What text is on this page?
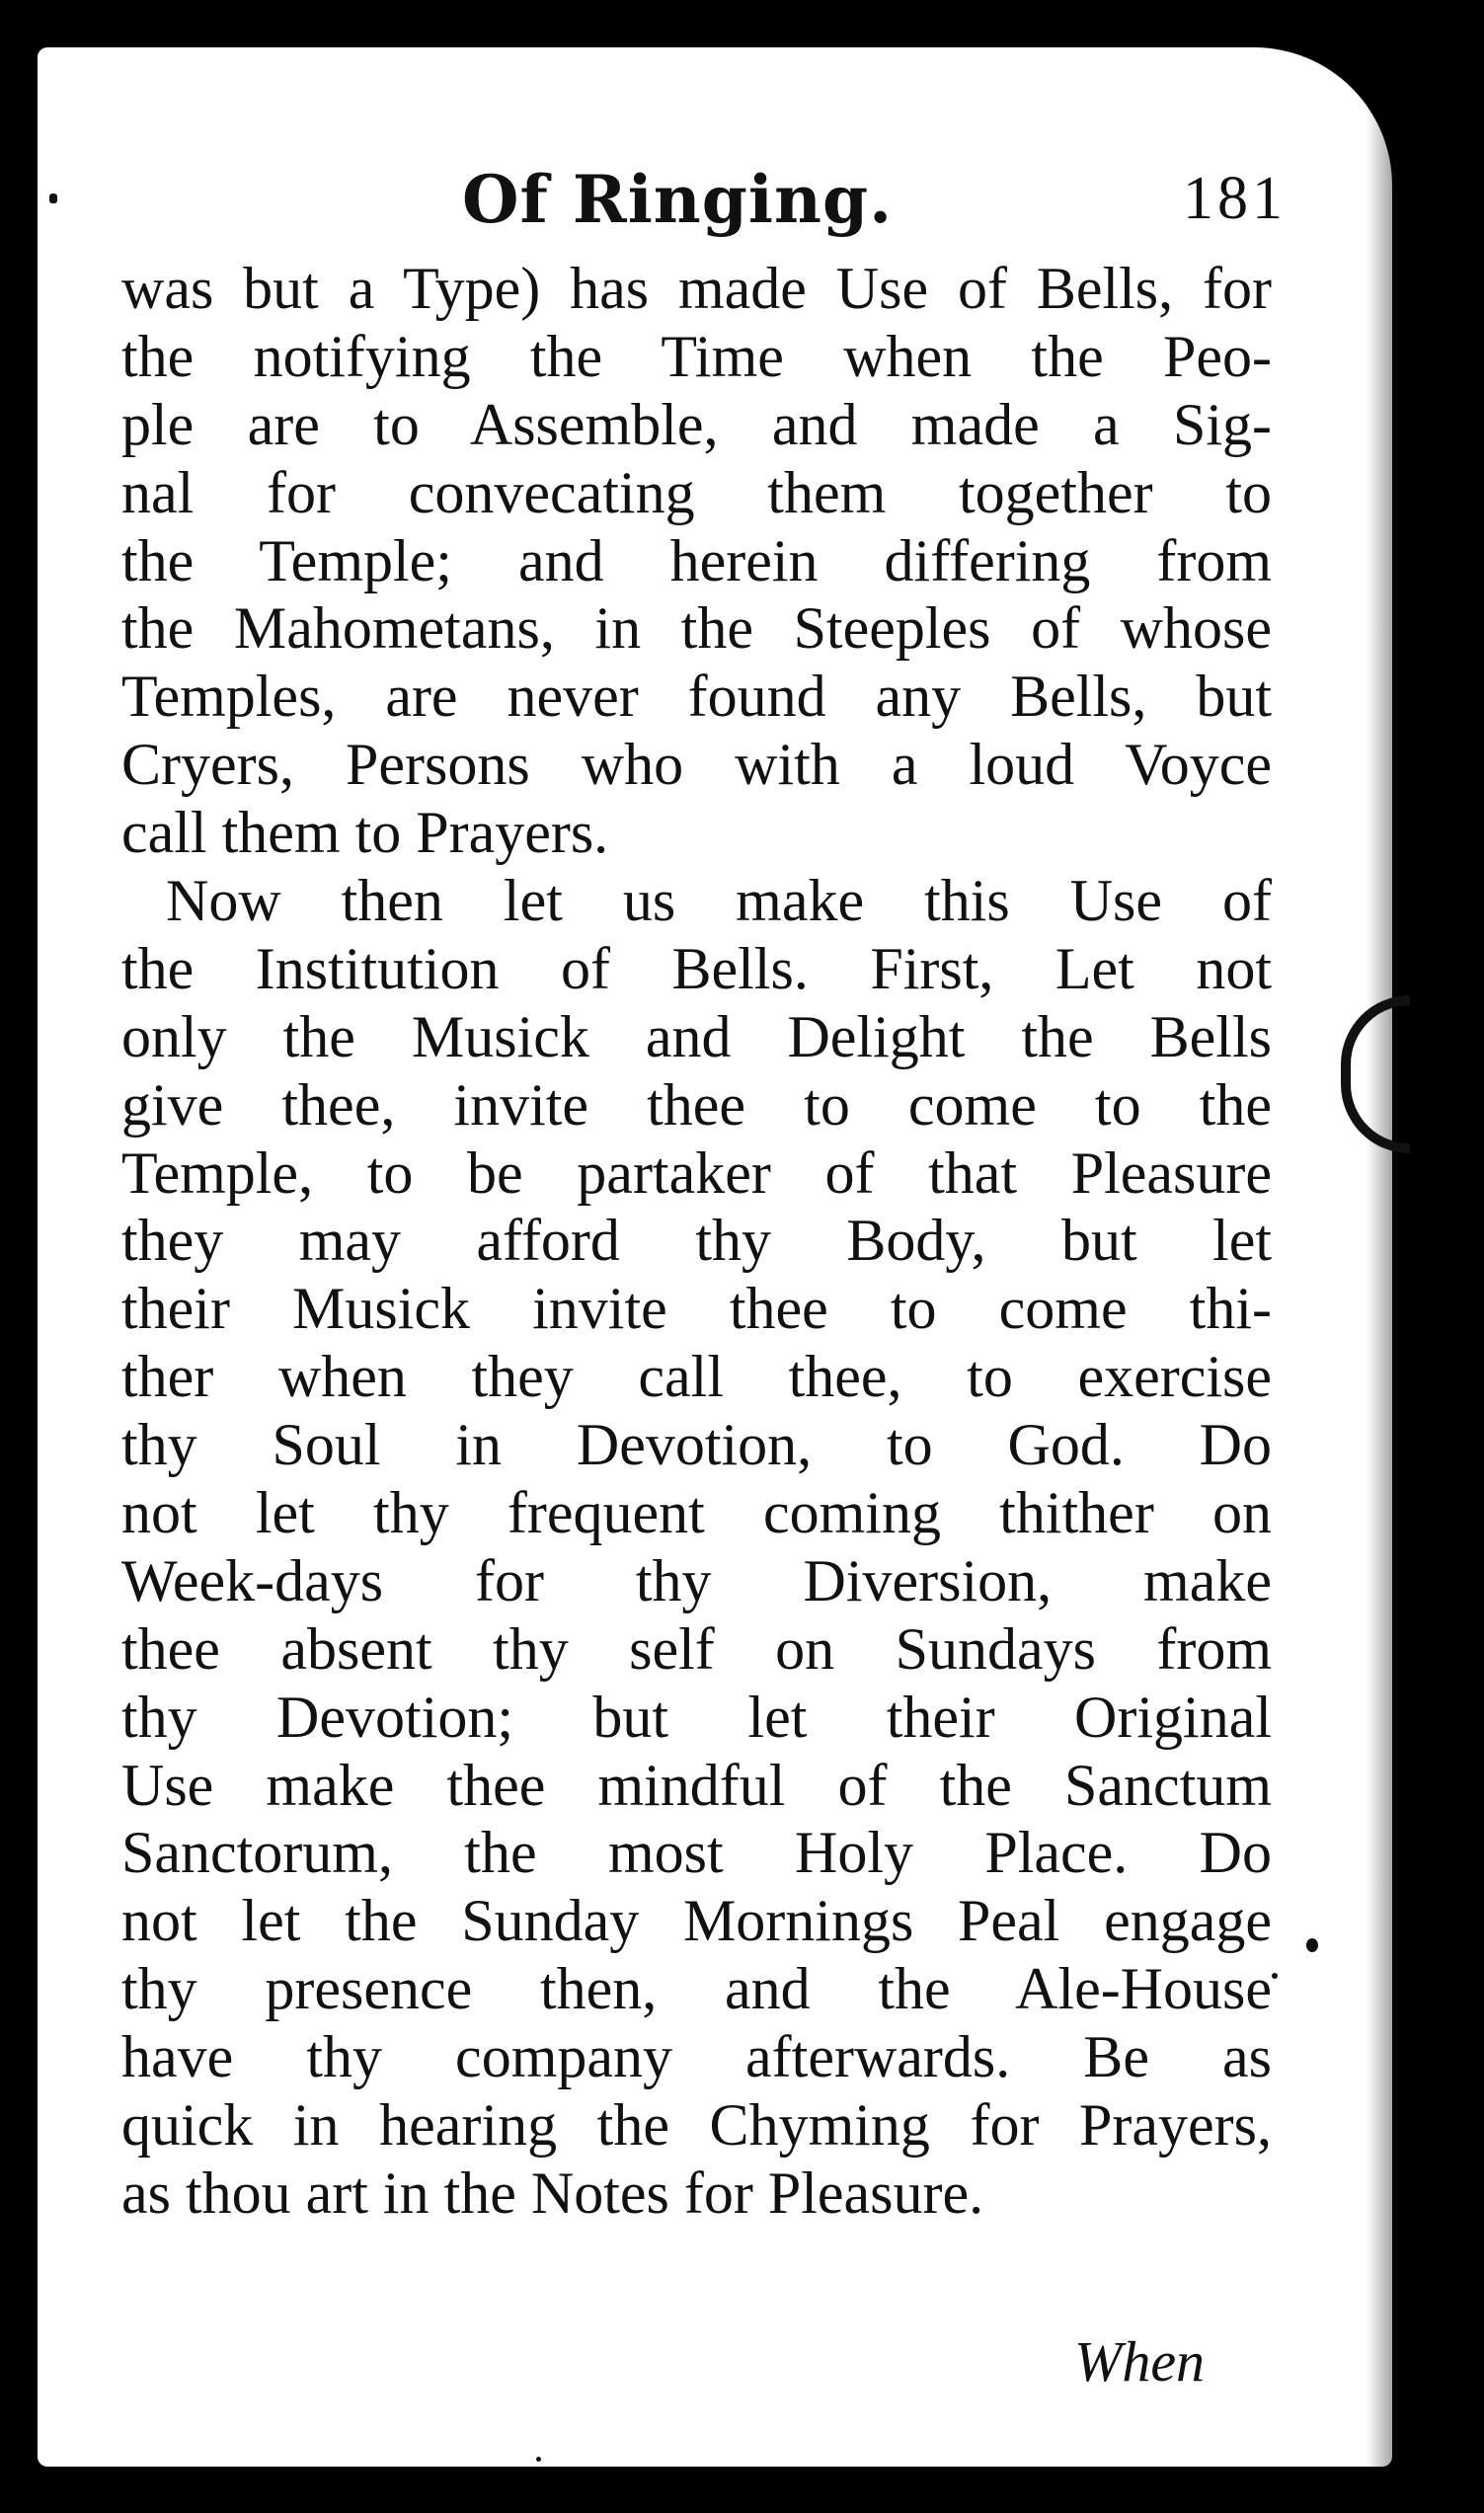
Of Ringing.	181
was but a Type) has made Use of Bells, for
the notifying the Time when the Peo-
ple are to Assemble, and made a Sig-
nal for convecating them together to
the Temple; and herein differing from
the Mahometans, in the Steeples of whose
Temples, are never found any Bells, but
Cryers, Persons who with a loud Voyce
call them to Prayers.
Now then let us make this Use of
the Institution of Bells. First, Let not
only the Musick and Delight the Bells
give thee, invite thee to come to the
Temple, to be partaker of that Pleasure
they may afford thy Body, but let
their Musick invite thee to come thi-
ther when they call thee, to exercise
thy Soul in Devotion, to God. Do
not let thy frequent coming thither on
Week-days for thy Diversion, make
thee absent thy self on Sundays from
thy Devotion; but let their Original
Use make thee mindful of the Sanctum
Sanctorum, the most Holy Place. Do
not let the Sunday Mornings Peal engage
thy presence then, and the Ale-House
have thy company afterwards. Be as
quick in hearing the Chyming for Prayers,
as thou art in the Notes for Pleasure.
When
